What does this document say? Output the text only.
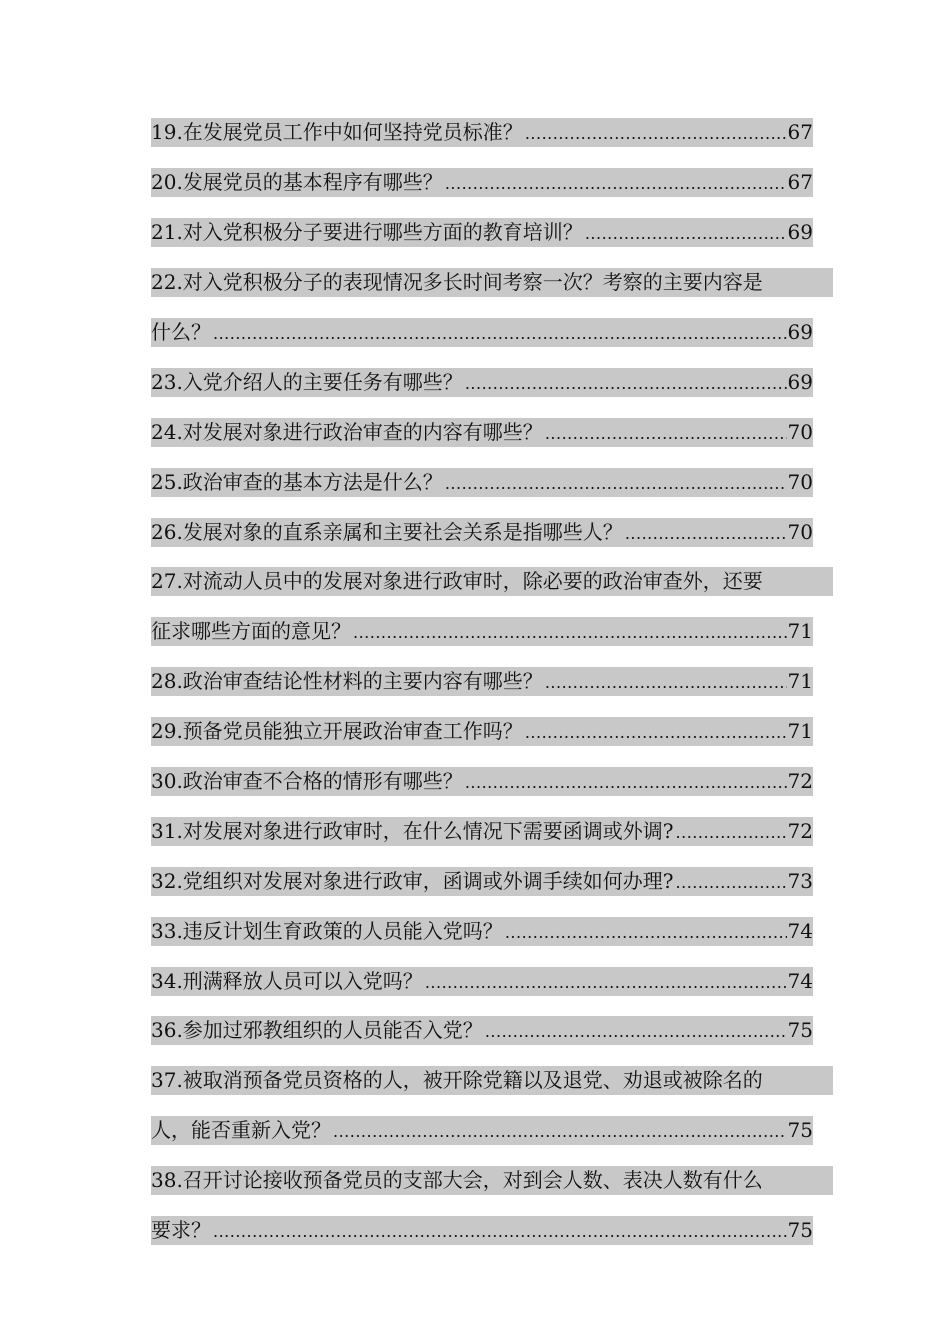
19.在发展党员工作中如何坚持党员标准？ .....	67
20.发展党员的基本程序有哪些？ .....	67
21.对入党积极分子要进行哪些方面的教育培训？ .....	69
22.对入党积极分子的表现情况多长时间考察一次？考察的主要内容是
什么？ .....	69
23.入党介绍人的主要任务有哪些？ .....	69
24.对发展对象进行政治审查的内容有哪些？ .....	70
25.政治审查的基本方法是什么？ .....	70
26.发展对象的直系亲属和主要社会关系是指哪些人？ .....	70
27.对流动人员中的发展对象进行政审时，除必要的政治审查外，还要
征求哪些方面的意见？ .....	71
28.政治审查结论性材料的主要内容有哪些？ .....	71
29.预备党员能独立开展政治审查工作吗？ .....	71
30.政治审查不合格的情形有哪些？ .....	72
31.对发展对象进行政审时，在什么情况下需要函调或外调? .....	72
32.党组织对发展对象进行政审，函调或外调手续如何办理? .....	73
33.违反计划生育政策的人员能入党吗？ .....	74
34.刑满释放人员可以入党吗？ .....	74
36.参加过邪教组织的人员能否入党？ .....	75
37.被取消预备党员资格的人，被开除党籍以及退党、劝退或被除名的
人，能否重新入党？ .....	75
38.召开讨论接收预备党员的支部大会，对到会人数、表决人数有什么
要求？ .....	75
